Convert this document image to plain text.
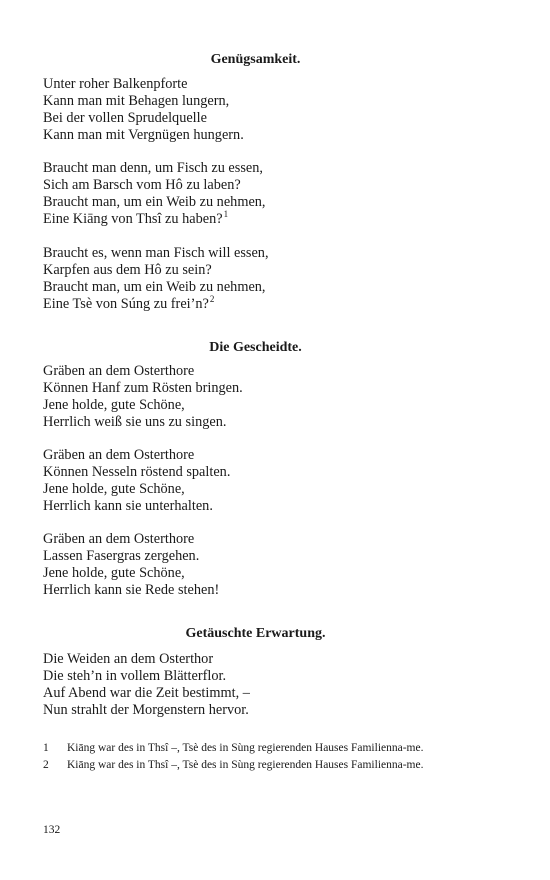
Genügsamkeit.
Unter roher Balkenpforte
Kann man mit Behagen lungern,
Bei der vollen Sprudelquelle
Kann man mit Vergnügen hungern.
Braucht man denn, um Fisch zu essen,
Sich am Barsch vom Hô zu laben?
Braucht man, um ein Weib zu nehmen,
Eine Kiāng von Thsî zu haben?$^1$
Braucht es, wenn man Fisch will essen,
Karpfen aus dem Hô zu sein?
Braucht man, um ein Weib zu nehmen,
Eine Tsè von Súng zu frei’n?$^2$
Die Gescheidte.
Gräben an dem Osterthore
Können Hanf zum Rösten bringen.
Jene holde, gute Schöne,
Herrlich weiß sie uns zu singen.
Gräben an dem Osterthore
Können Nesseln röstend spalten.
Jene holde, gute Schöne,
Herrlich kann sie unterhalten.
Gräben an dem Osterthore
Lassen Fasergras zergehen.
Jene holde, gute Schöne,
Herrlich kann sie Rede stehen!
Getäuschte Erwartung.
Die Weiden an dem Osterthor
Die steh’n in vollem Blätterflor.
Auf Abend war die Zeit bestimmt, –
Nun strahlt der Morgenstern hervor.

1	Kiāng war des in Thsî –, Tsè des in Sùng regierenden Hauses Familienna-me.

2	Kiāng war des in Thsî –, Tsè des in Sùng regierenden Hauses Familienna-me.

132
